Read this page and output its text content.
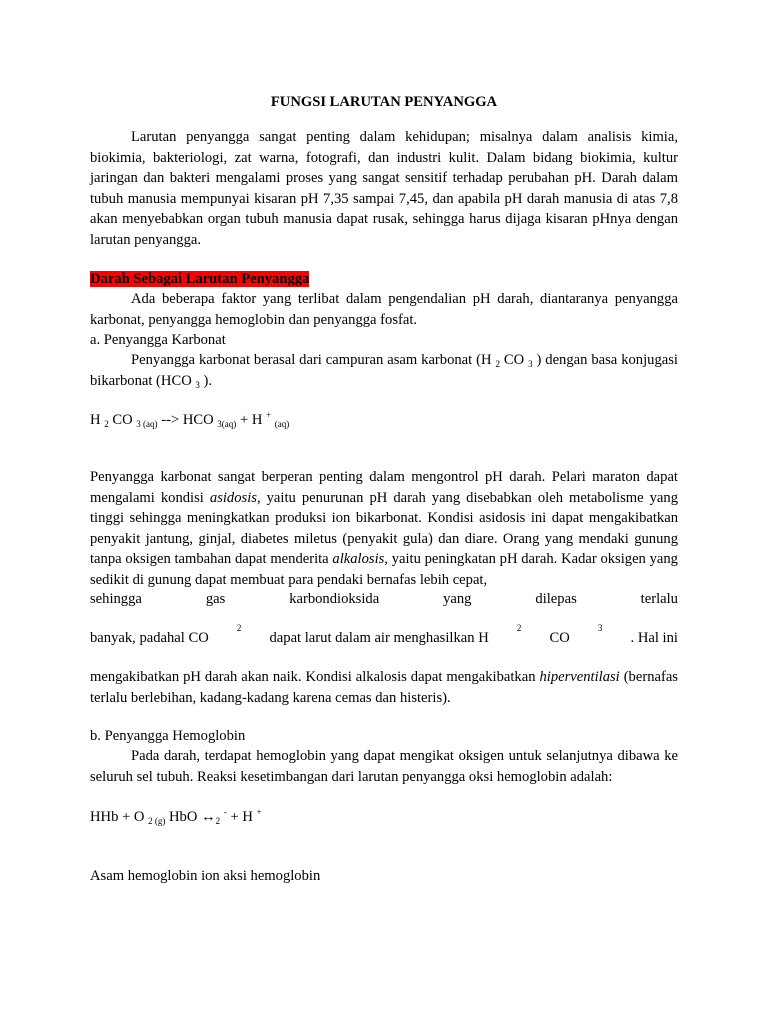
FUNGSI LARUTAN PENYANGGA

Larutan penyangga sangat penting dalam kehidupan; misalnya dalam analisis kimia, biokimia, bakteriologi, zat warna, fotografi, dan industri kulit. Dalam bidang biokimia, kultur jaringan dan bakteri mengalami proses yang sangat sensitif terhadap perubahan pH. Darah dalam tubuh manusia mempunyai kisaran pH 7,35 sampai 7,45, dan apabila pH darah manusia di atas 7,8 akan menyebabkan organ tubuh manusia dapat rusak, sehingga harus dijaga kisaran pHnya dengan larutan penyangga.

Darah Sebagai Larutan Penyangga

Ada beberapa faktor yang terlibat dalam pengendalian pH darah, diantaranya penyangga karbonat, penyangga hemoglobin dan penyangga fosfat.

a. Penyangga Karbonat

Penyangga karbonat berasal dari campuran asam karbonat (H $_2$ CO $_3$ ) dengan basa konjugasi bikarbonat (HCO $_3$ ).

H $_2$ CO $_{3 (aq)}$ --> HCO $_{3(aq)}$ + H + $_{(aq)}$

Penyangga karbonat sangat berperan penting dalam mengontrol pH darah. Pelari maraton dapat mengalami kondisi asidosis, yaitu penurunan pH darah yang disebabkan oleh metabolisme yang tinggi sehingga meningkatkan produksi ion bikarbonat. Kondisi asidosis ini dapat mengakibatkan penyakit jantung, ginjal, diabetes miletus (penyakit gula) dan diare. Orang yang mendaki gunung tanpa oksigen tambahan dapat menderita alkalosis, yaitu peningkatan pH darah. Kadar oksigen yang sedikit di gunung dapat membuat para pendaki bernafas lebih cepat,

sehingga	gas	karbondioksida	yang	dilepas	terlalu
banyak, padahal CO
2
dapat larut dalam air menghasilkan H
2
CO
3
. Hal ini

mengakibatkan pH darah akan naik. Kondisi alkalosis dapat mengakibatkan hiperventilasi (bernafas terlalu berlebihan, kadang-kadang karena cemas dan histeris).

b. Penyangga Hemoglobin

Pada darah, terdapat hemoglobin yang dapat mengikat oksigen untuk selanjutnya dibawa ke seluruh sel tubuh. Reaksi kesetimbangan dari larutan penyangga oksi hemoglobin adalah:

HHb + O $_{2 (g)}$ HbO $\leftrightarrow_2$ - + H +
Asam hemoglobin ion aksi hemoglobin
